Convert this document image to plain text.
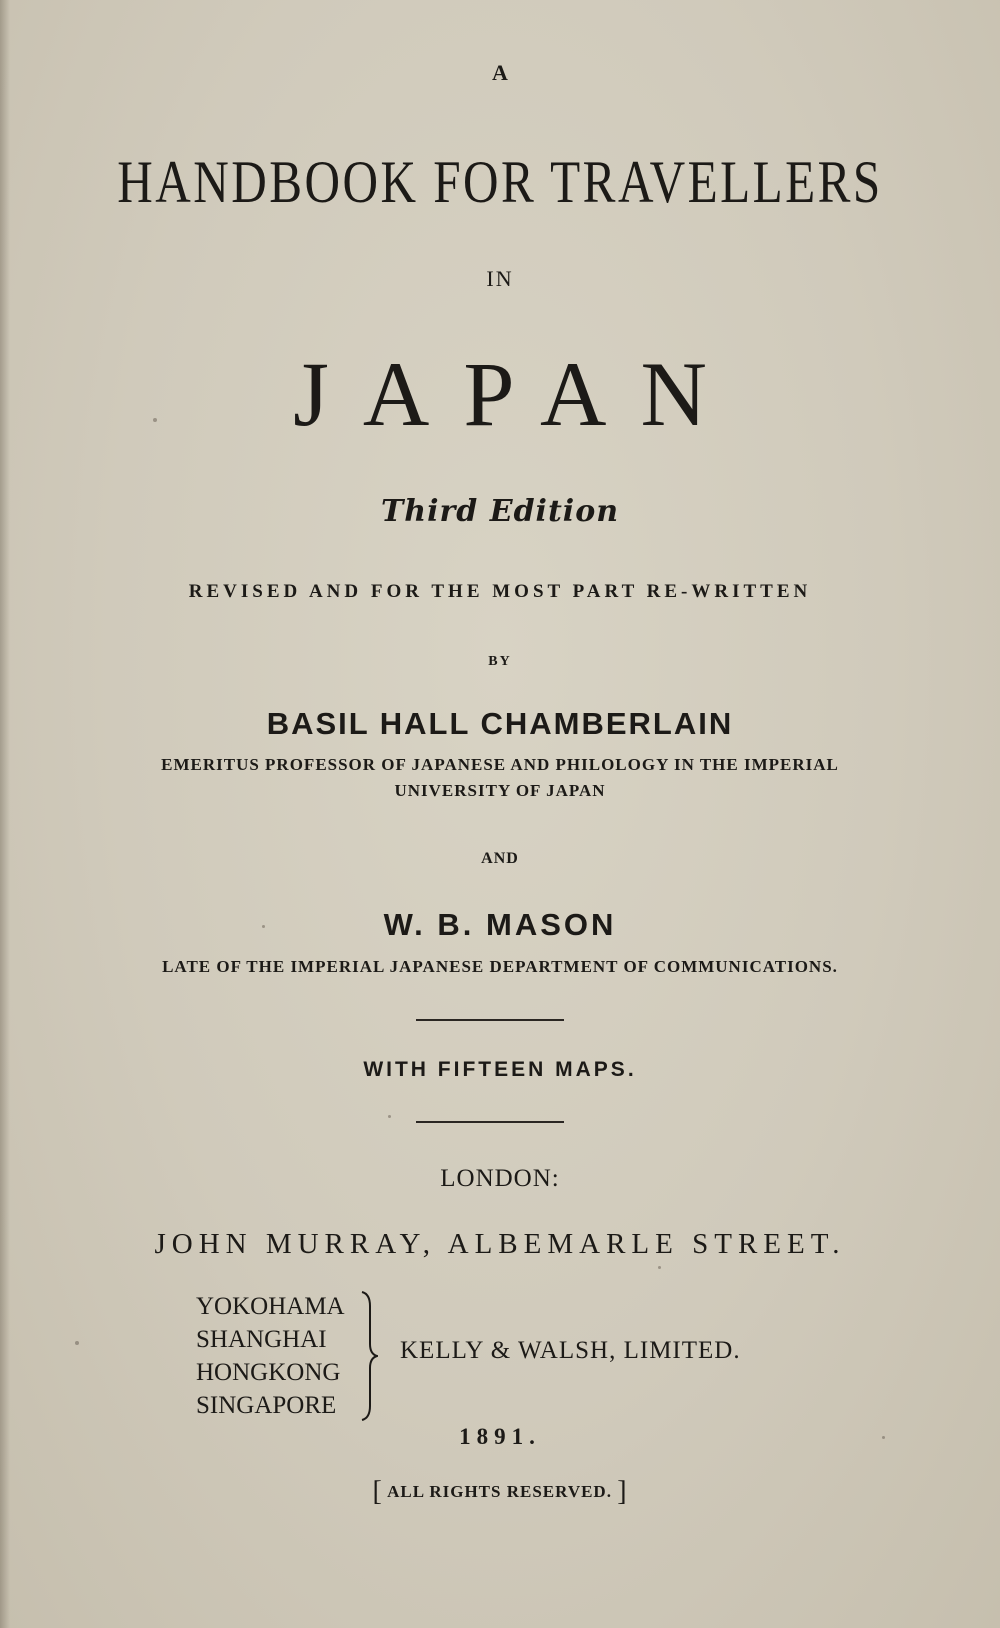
A
HANDBOOK FOR TRAVELLERS
IN
JAPAN
Third Edition
REVISED AND FOR THE MOST PART RE-WRITTEN
BY
BASIL HALL CHAMBERLAIN
EMERITUS PROFESSOR OF JAPANESE AND PHILOLOGY IN THE IMPERIAL
UNIVERSITY OF JAPAN
AND
W. B. MASON
LATE OF THE IMPERIAL JAPANESE DEPARTMENT OF COMMUNICATIONS.
WITH FIFTEEN MAPS.
LONDON:
JOHN MURRAY, ALBEMARLE STREET.
YOKOHAMA
SHANGHAI
HONGKONG
SINGAPORE
KELLY & WALSH, LIMITED.
1891.
[ ALL RIGHTS RESERVED. ]
